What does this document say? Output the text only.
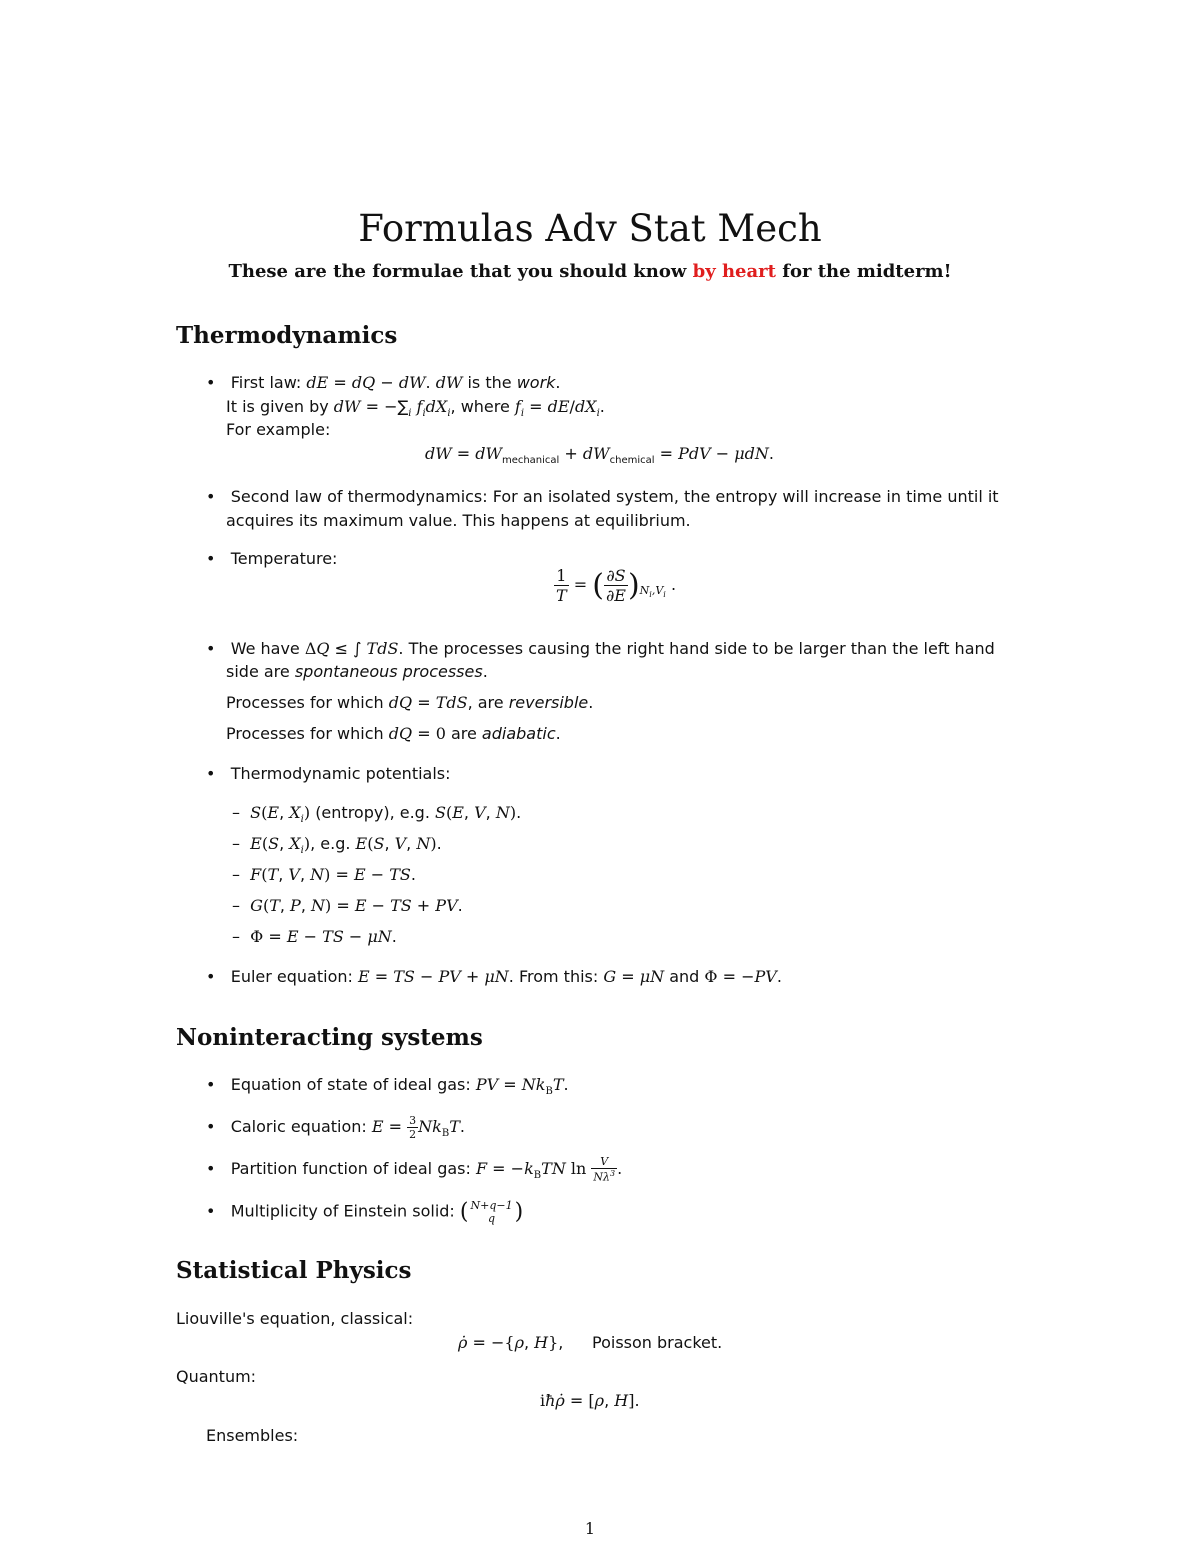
Formulas Adv Stat Mech
These are the formulae that you should know by heart for the midterm!
Thermodynamics
•   First law: dE = dQ − dW. dW is the work.
It is given by dW = $-\sum_i$ $f_idX_i$, where $f_i = dE/dX_i$.
For example:
dW = $dW_{mechanical} + dW_{chemical}$ = PdV − μdN.
•   Second law of thermodynamics: For an isolated system, the entropy will increase in time until it
acquires its maximum value. This happens at equilibrium.
•   Temperature:
$\frac{1}{T}$ = ( $\frac{\partial S}{\partial E} )_{N_i,V_i}$ .
•   We have ΔQ ≤ ∫ TdS. The processes causing the right hand side to be larger than the left hand
side are spontaneous processes.
Processes for which dQ = TdS, are reversible.
Processes for which dQ = 0 are adiabatic.
•   Thermodynamic potentials:
–  S(E, $X_i$) (entropy), e.g. S(E, V, N).
–  E(S, $X_i$), e.g. E(S, V, N).
–  F(T, V, N) = E − TS.
–  G(T, P, N) = E − TS + PV.
–  Φ = E − TS − μN.
•   Euler equation: E = TS − PV + μN. From this: G = μN and Φ = −PV.
Noninteracting systems
•   Equation of state of ideal gas: PV = $Nk_BT$.
•   Caloric equation: $E = \frac{3}{2} Nk_BT$.
•   Partition function of ideal gas: $F = -k_BTN$ $\ln \frac{V}{N\lambda^3}$ .
•   Multiplicity of Einstein solid: ( N+q−1
q )
Statistical Physics
Liouville's equation, classical:
ρ̇ = −{ρ, H}, Poisson bracket.
Quantum:
iħρ̇ = [ρ, H].
Ensembles:
1
